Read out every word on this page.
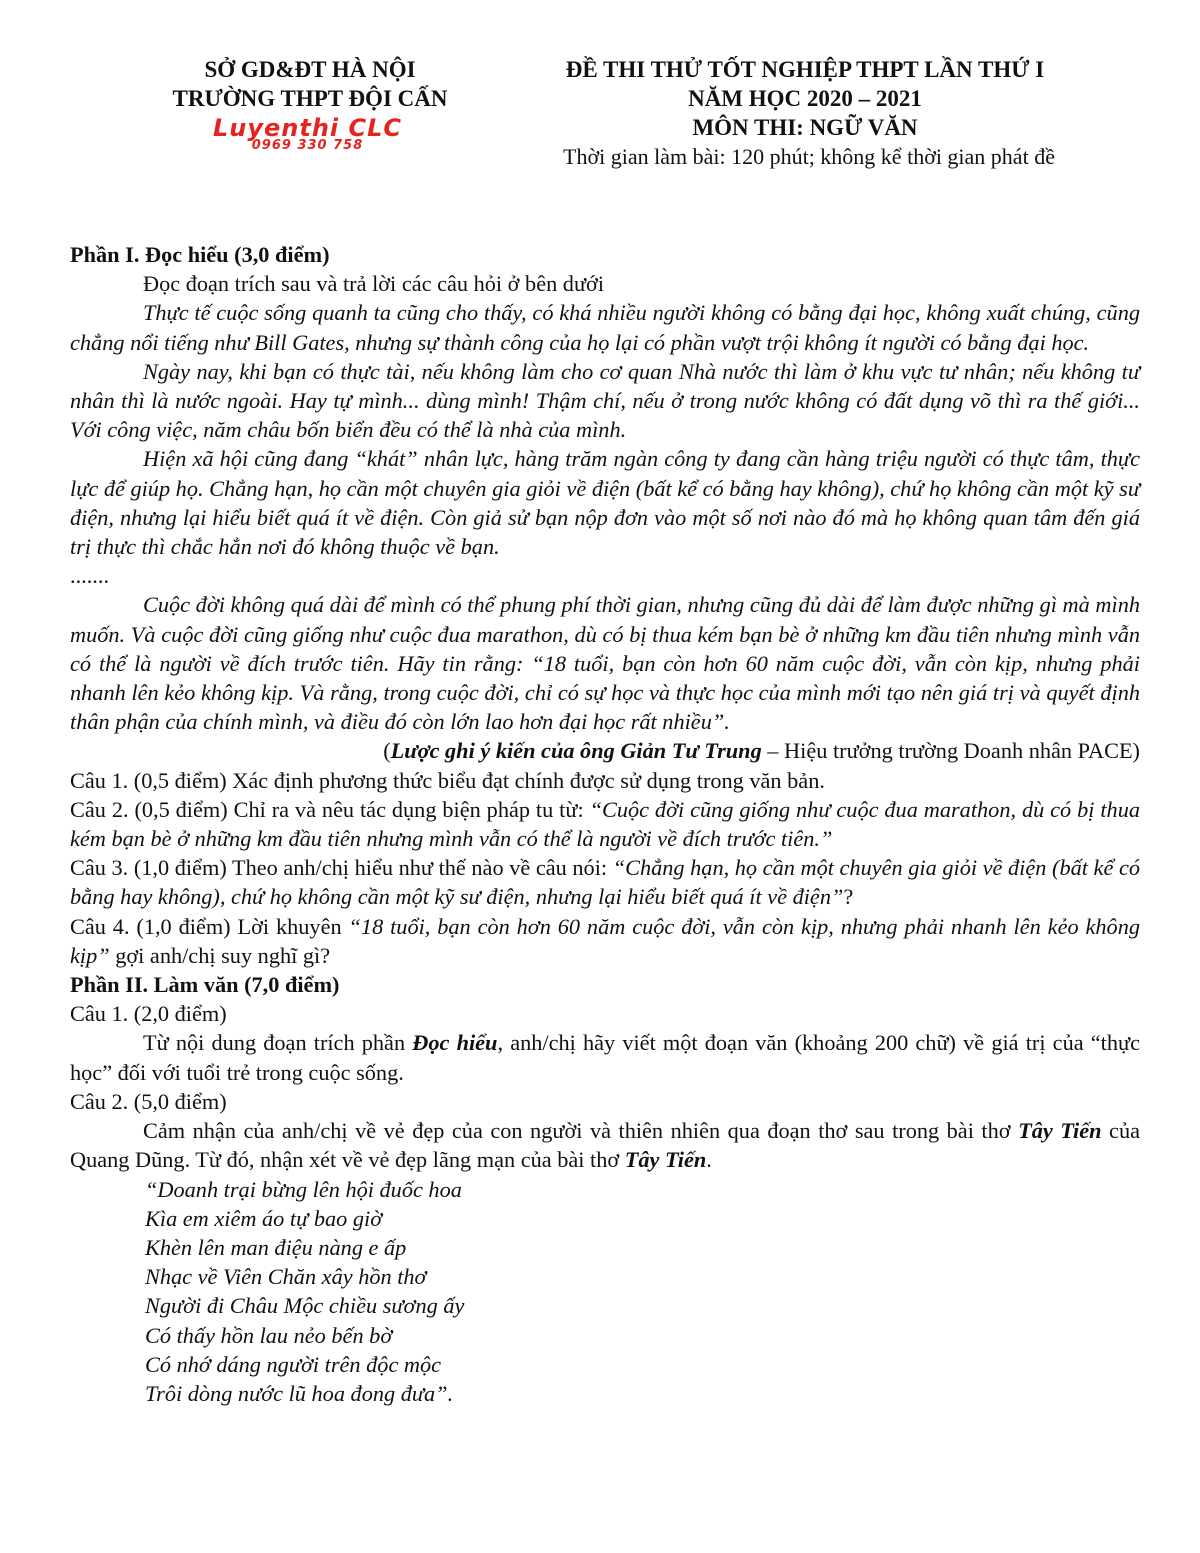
SỞ GD&ĐT HÀ NỘI
TRƯỜNG THPT ĐỘI CẤN
Luyenthi CLC
0969 330 758
ĐỀ THI THỬ TỐT NGHIỆP THPT LẦN THỨ I
NĂM HỌC 2020 – 2021
MÔN THI: NGỮ VĂN
Thời gian làm bài: 120 phút; không kể thời gian phát đề

Phần I. Đọc hiểu (3,0 điểm)

Đọc đoạn trích sau và trả lời các câu hỏi ở bên dưới

Thực tế cuộc sống quanh ta cũng cho thấy, có khá nhiều người không có bằng đại học, không xuất chúng, cũng chẳng nổi tiếng như Bill Gates, nhưng sự thành công của họ lại có phần vượt trội không ít người có bằng đại học.

Ngày nay, khi bạn có thực tài, nếu không làm cho cơ quan Nhà nước thì làm ở khu vực tư nhân; nếu không tư nhân thì là nước ngoài. Hay tự mình... dùng mình! Thậm chí, nếu ở trong nước không có đất dụng võ thì ra thế giới... Với công việc, năm châu bốn biển đều có thể là nhà của mình.

Hiện xã hội cũng đang “khát” nhân lực, hàng trăm ngàn công ty đang cần hàng triệu người có thực tâm, thực lực để giúp họ. Chẳng hạn, họ cần một chuyên gia giỏi về điện (bất kể có bằng hay không), chứ họ không cần một kỹ sư điện, nhưng lại hiểu biết quá ít về điện. Còn giả sử bạn nộp đơn vào một số nơi nào đó mà họ không quan tâm đến giá trị thực thì chắc hẳn nơi đó không thuộc về bạn.

.......

Cuộc đời không quá dài để mình có thể phung phí thời gian, nhưng cũng đủ dài để làm được những gì mà mình muốn. Và cuộc đời cũng giống như cuộc đua marathon, dù có bị thua kém bạn bè ở những km đầu tiên nhưng mình vẫn có thể là người về đích trước tiên. Hãy tin rằng: “18 tuổi, bạn còn hơn 60 năm cuộc đời, vẫn còn kịp, nhưng phải nhanh lên kẻo không kịp. Và rằng, trong cuộc đời, chỉ có sự học và thực học của mình mới tạo nên giá trị và quyết định thân phận của chính mình, và điều đó còn lớn lao hơn đại học rất nhiều”.

(Lược ghi ý kiến của ông Giản Tư Trung – Hiệu trưởng trường Doanh nhân PACE)

Câu 1. (0,5 điểm) Xác định phương thức biểu đạt chính được sử dụng trong văn bản.

Câu 2. (0,5 điểm) Chỉ ra và nêu tác dụng biện pháp tu từ: “Cuộc đời cũng giống như cuộc đua marathon, dù có bị thua kém bạn bè ở những km đầu tiên nhưng mình vẫn có thể là người về đích trước tiên.”

Câu 3. (1,0 điểm) Theo anh/chị hiểu như thế nào về câu nói: “Chẳng hạn, họ cần một chuyên gia giỏi về điện (bất kể có bằng hay không), chứ họ không cần một kỹ sư điện, nhưng lại hiểu biết quá ít về điện”?

Câu 4. (1,0 điểm) Lời khuyên “18 tuổi, bạn còn hơn 60 năm cuộc đời, vẫn còn kịp, nhưng phải nhanh lên kẻo không kịp” gợi anh/chị suy nghĩ gì?

Phần II. Làm văn (7,0 điểm)

Câu 1. (2,0 điểm)

Từ nội dung đoạn trích phần Đọc hiểu, anh/chị hãy viết một đoạn văn (khoảng 200 chữ) về giá trị của “thực học” đối với tuổi trẻ trong cuộc sống.

Câu 2. (5,0 điểm)

Cảm nhận của anh/chị về vẻ đẹp của con người và thiên nhiên qua đoạn thơ sau trong bài thơ Tây Tiến của Quang Dũng. Từ đó, nhận xét về vẻ đẹp lãng mạn của bài thơ Tây Tiến.

“Doanh trại bừng lên hội đuốc hoa
Kìa em xiêm áo tự bao giờ
Khèn lên man điệu nàng e ấp
Nhạc về Viên Chăn xây hồn thơ
Người đi Châu Mộc chiều sương ấy
Có thấy hồn lau nẻo bến bờ
Có nhớ dáng người trên độc mộc
Trôi dòng nước lũ hoa đong đưa”.
